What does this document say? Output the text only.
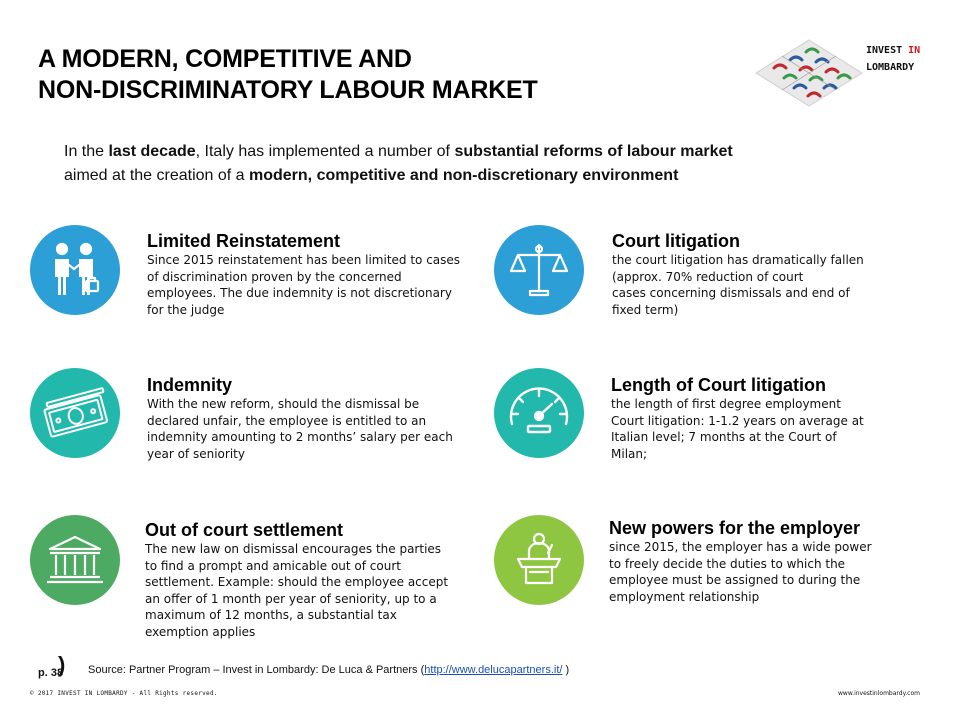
A MODERN, COMPETITIVE AND
NON-DISCRIMINATORY LABOUR MARKET
INVEST IN
LOMBARDY
In the last decade, Italy has implemented a number of substantial reforms of labour market
aimed at the creation of a modern, competitive and non-discretionary environment
Limited Reinstatement
Since 2015 reinstatement has been limited to cases
of discrimination proven by the concerned
employees. The due indemnity is not discretionary
for the judge
Court litigation
the court litigation has dramatically fallen
(approx. 70% reduction of court
cases concerning dismissals and end of
fixed term)
Indemnity
With the new reform, should the dismissal be
declared unfair, the employee is entitled to an
indemnity amounting to 2 months’ salary per each
year of seniority
Length of Court litigation
the length of first degree employment
Court litigation: 1-1.2 years on average at
Italian level; 7 months at the Court of
Milan;
Out of court settlement
The new law on dismissal encourages the parties
to find a prompt and amicable out of court
settlement. Example: should the employee accept
an offer of 1 month per year of seniority, up to a
maximum of 12 months, a substantial tax
exemption applies
New powers for the employer
since 2015, the employer has a wide power
to freely decide the duties to which the
employee must be assigned to during the
employment relationship
p. 38
) Source: Partner Program – Invest in Lombardy: De Luca & Partners (http://www.delucapartners.it/ )
© 2017 INVEST IN LOMBARDY - All Rights reserved.	www.investinlombardy.com
